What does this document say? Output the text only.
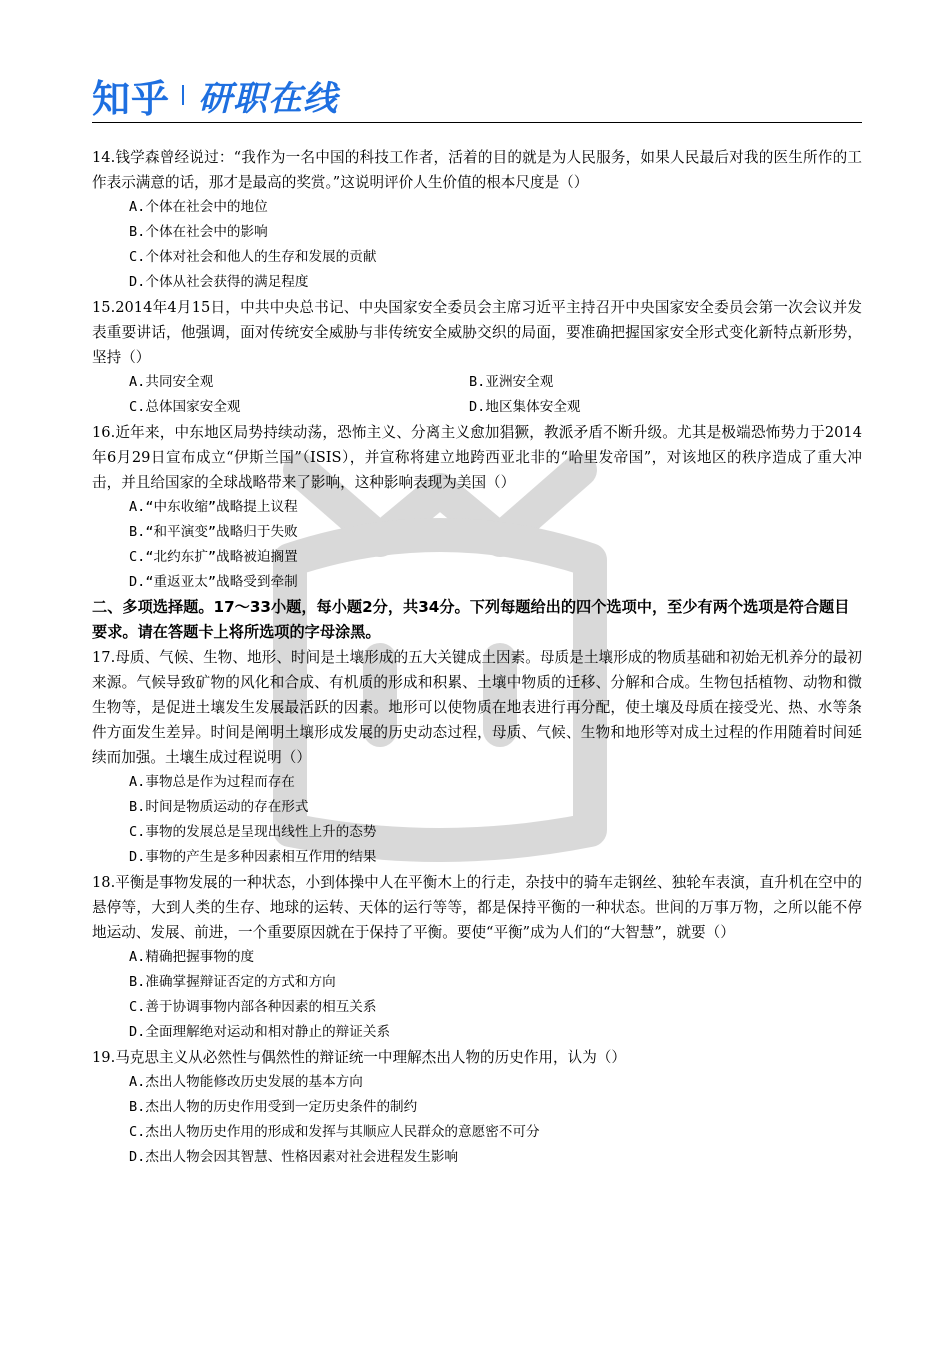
知乎 研职在线

14.钱学森曾经说过：“我作为一名中国的科技工作者，活着的目的就是为人民服务，如果人民最后对我的医生所作的工作表示满意的话，那才是最高的奖赏。”这说明评价人生价值的根本尺度是（）

A.个体在社会中的地位
B.个体在社会中的影响
C.个体对社会和他人的生存和发展的贡献
D.个体从社会获得的满足程度

15.2014年4月15日，中共中央总书记、中央国家安全委员会主席习近平主持召开中央国家安全委员会第一次会议并发表重要讲话，他强调，面对传统安全威胁与非传统安全威胁交织的局面，要准确把握国家安全形式变化新特点新形势，坚持（）

A.共同安全观	B.亚洲安全观
C.总体国家安全观	D.地区集体安全观

16.近年来，中东地区局势持续动荡，恐怖主义、分离主义愈加猖獗，教派矛盾不断升级。尤其是极端恐怖势力于2014年6月29日宣布成立“伊斯兰国”（ISIS），并宣称将建立地跨西亚北非的“哈里发帝国”，对该地区的秩序造成了重大冲击，并且给国家的全球战略带来了影响，这种影响表现为美国（）

A.“中东收缩”战略提上议程
B.“和平演变”战略归于失败
C.“北约东扩”战略被迫搁置
D.“重返亚太”战略受到牵制

二、多项选择题。17～33小题，每小题2分，共34分。下列每题给出的四个选项中，至少有两个选项是符合题目要求。请在答题卡上将所选项的字母涂黑。

17.母质、气候、生物、地形、时间是土壤形成的五大关键成土因素。母质是土壤形成的物质基础和初始无机养分的最初来源。气候导致矿物的风化和合成、有机质的形成和积累、土壤中物质的迁移、分解和合成。生物包括植物、动物和微生物等，是促进土壤发生发展最活跃的因素。地形可以使物质在地表进行再分配，使土壤及母质在接受光、热、水等条件方面发生差异。时间是阐明土壤形成发展的历史动态过程，母质、气候、生物和地形等对成土过程的作用随着时间延续而加强。土壤生成过程说明（）

A.事物总是作为过程而存在
B.时间是物质运动的存在形式
C.事物的发展总是呈现出线性上升的态势
D.事物的产生是多种因素相互作用的结果

18.平衡是事物发展的一种状态，小到体操中人在平衡木上的行走，杂技中的骑车走钢丝、独轮车表演，直升机在空中的悬停等，大到人类的生存、地球的运转、天体的运行等等，都是保持平衡的一种状态。世间的万事万物，之所以能不停地运动、发展、前进，一个重要原因就在于保持了平衡。要使“平衡”成为人们的“大智慧”，就要（）

A.精确把握事物的度
B.准确掌握辩证否定的方式和方向
C.善于协调事物内部各种因素的相互关系
D.全面理解绝对运动和相对静止的辩证关系

19.马克思主义从必然性与偶然性的辩证统一中理解杰出人物的历史作用，认为（）

A.杰出人物能修改历史发展的基本方向
B.杰出人物的历史作用受到一定历史条件的制约
C.杰出人物历史作用的形成和发挥与其顺应人民群众的意愿密不可分
D.杰出人物会因其智慧、性格因素对社会进程发生影响
